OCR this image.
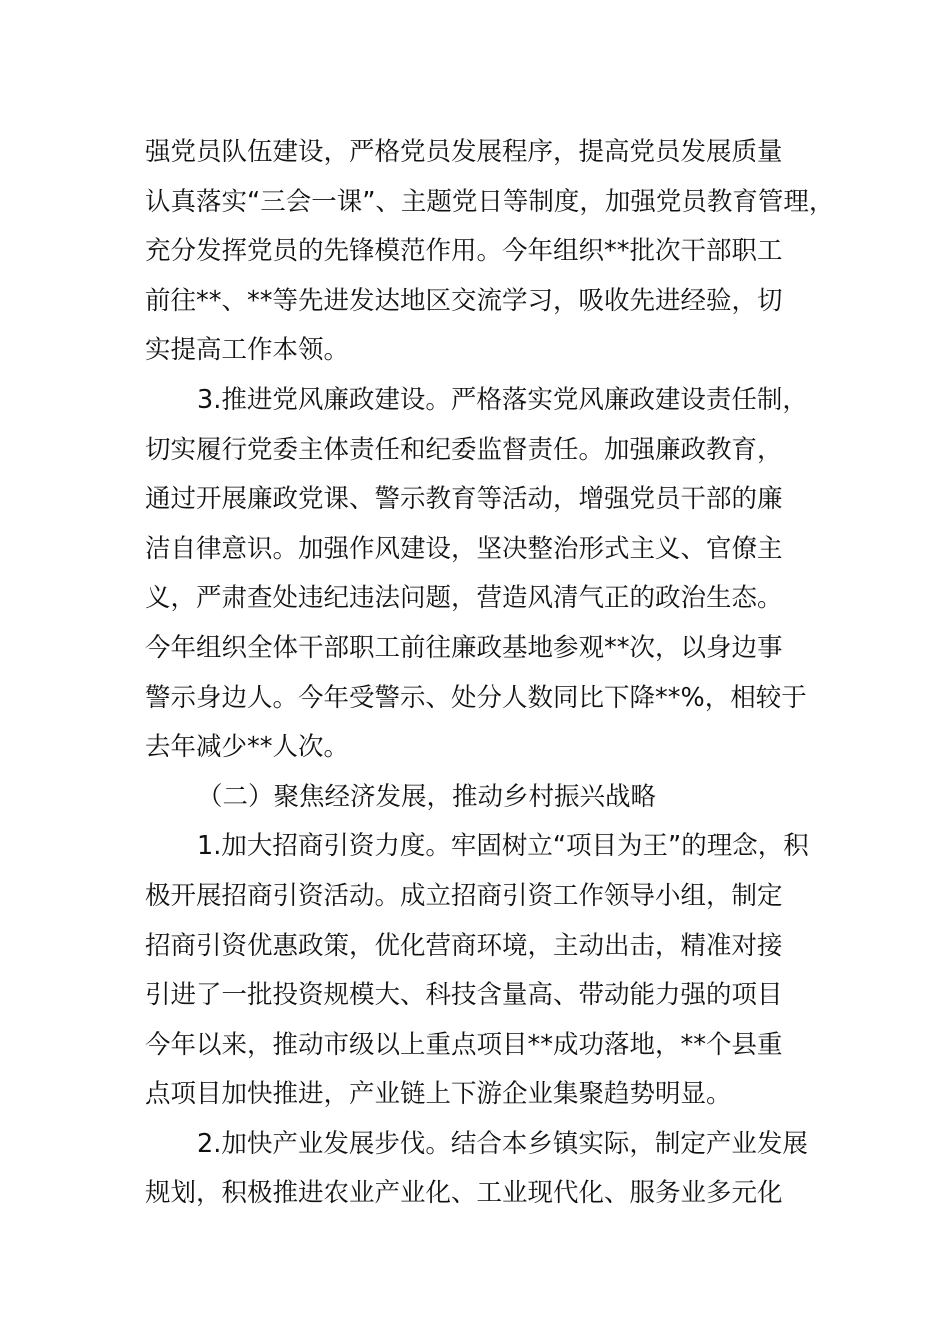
强党员队伍建设，严格党员发展程序，提高党员发展质量
认真落实“三会一课”、主题党日等制度，加强党员教育管理，
充分发挥党员的先锋模范作用。今年组织**批次干部职工
前往**、**等先进发达地区交流学习，吸收先进经验，切
实提高工作本领。
3.推进党风廉政建设。严格落实党风廉政建设责任制，
切实履行党委主体责任和纪委监督责任。加强廉政教育，
通过开展廉政党课、警示教育等活动，增强党员干部的廉
洁自律意识。加强作风建设，坚决整治形式主义、官僚主
义，严肃查处违纪违法问题，营造风清气正的政治生态。
今年组织全体干部职工前往廉政基地参观**次，以身边事
警示身边人。今年受警示、处分人数同比下降**%，相较于
去年减少**人次。
（二）聚焦经济发展，推动乡村振兴战略
1.加大招商引资力度。牢固树立“项目为王”的理念，积
极开展招商引资活动。成立招商引资工作领导小组，制定
招商引资优惠政策，优化营商环境，主动出击，精准对接
引进了一批投资规模大、科技含量高、带动能力强的项目
今年以来，推动市级以上重点项目**成功落地，**个县重
点项目加快推进，产业链上下游企业集聚趋势明显。
2.加快产业发展步伐。结合本乡镇实际，制定产业发展
规划，积极推进农业产业化、工业现代化、服务业多元化
